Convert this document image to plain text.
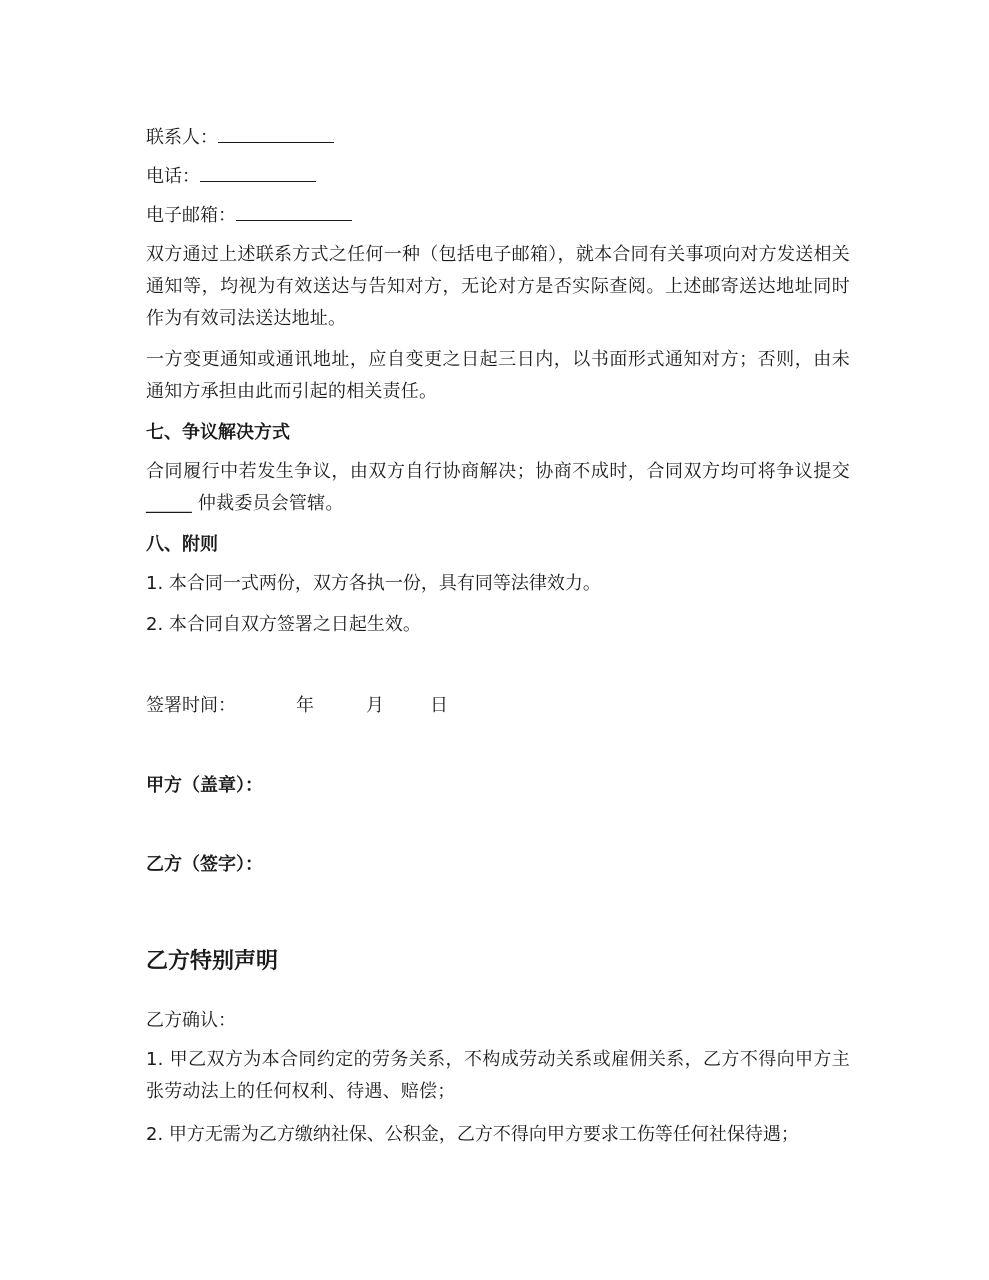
联系人：
电话：
电子邮箱：
双方通过上述联系方式之任何一种（包括电子邮箱），就本合同有关事项向对方发送相关通知等，均视为有效送达与告知对方，无论对方是否实际查阅。上述邮寄送达地址同时作为有效司法送达地址。
一方变更通知或通讯地址，应自变更之日起三日内，以书面形式通知对方；否则，由未通知方承担由此而引起的相关责任。
七、争议解决方式
合同履行中若发生争议，由双方自行协商解决；协商不成时，合同双方均可将争议提交_____ 仲裁委员会管辖。
八、附则
1. 本合同一式两份，双方各执一份，具有同等法律效力。
2. 本合同自双方签署之日起生效。
签署时间：	年	月	日
甲方（盖章）：
乙方（签字）：
乙方特别声明
乙方确认：
1. 甲乙双方为本合同约定的劳务关系，不构成劳动关系或雇佣关系，乙方不得向甲方主张劳动法上的任何权利、待遇、赔偿；
2. 甲方无需为乙方缴纳社保、公积金，乙方不得向甲方要求工伤等任何社保待遇；
